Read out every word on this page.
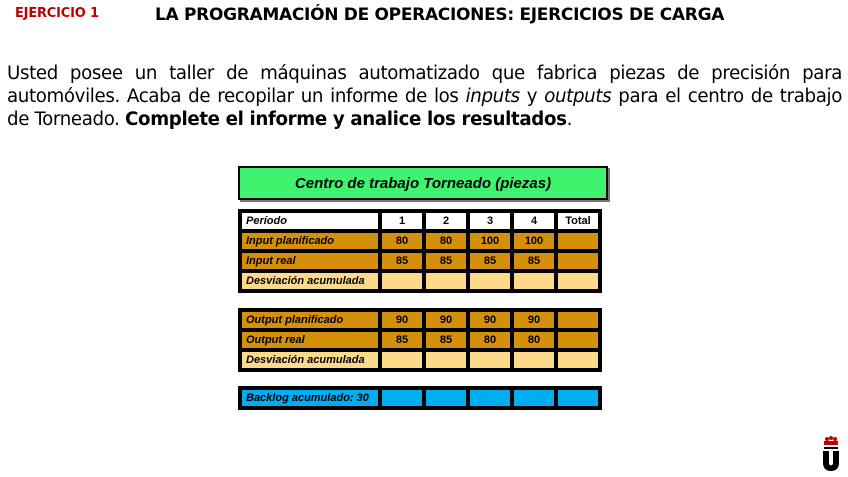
EJERCICIO 1	LA PROGRAMACIÓN DE OPERACIONES: EJERCICIOS DE CARGA
Usted posee un taller de máquinas automatizado que fabrica piezas de precisión para automóviles. Acaba de recopilar un informe de los inputs y outputs para el centro de trabajo de Torneado. Complete el informe y analice los resultados.
Centro de trabajo Torneado (piezas)
Período	1	2	3	4	Total
Input planificado	80	80	100	100	
Input real	85	85	85	85	
Desviación acumulada					
Output planificado	90	90	90	90	
Output real	85	85	80	80	
Desviación acumulada					
Backlog acumulado: 30					
